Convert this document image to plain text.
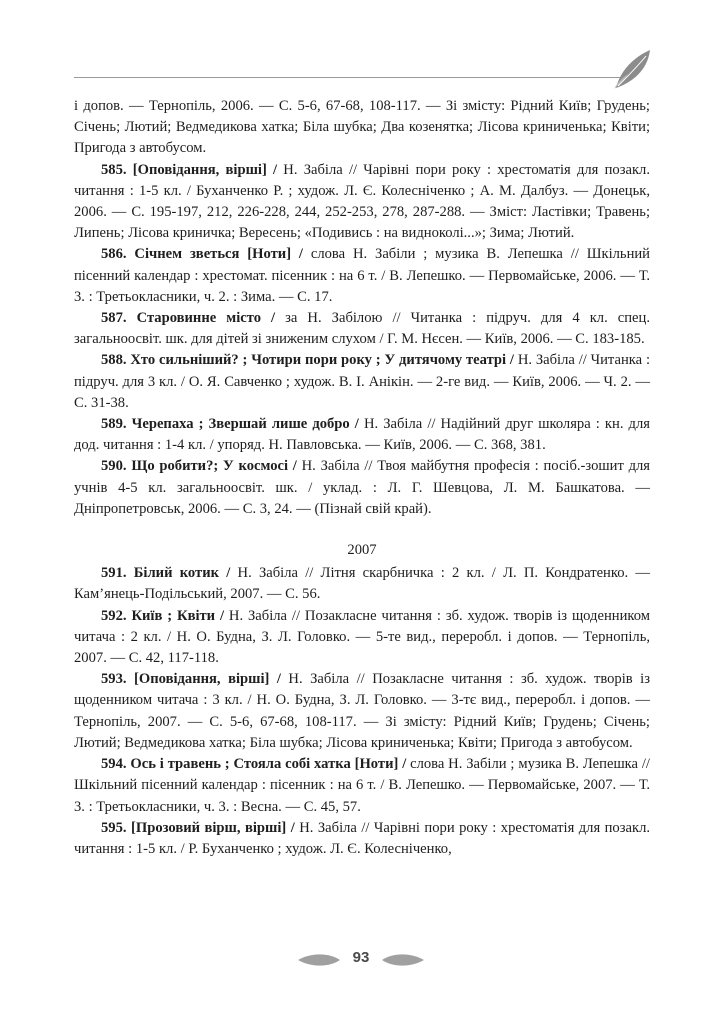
і допов. — Тернопіль, 2006. — С. 5-6, 67-68, 108-117. — Зі змісту: Рідний Київ; Грудень; Січень; Лютий; Ведмедикова хатка; Біла шубка; Два козенятка; Лісова криниченька; Квіти; Пригода з автобусом.

585. [Оповідання, вірші] / Н. Забіла // Чарівні пори року : хрестоматія для позакл. читання : 1-5 кл. / Буханченко Р. ; худож. Л. Є. Колесніченко ; А. М. Далбуз. — Донецьк, 2006. — С. 195-197, 212, 226-228, 244, 252-253, 278, 287-288. — Зміст: Ластівки; Травень; Липень; Лісова криничка; Вересень; «Подивись : на видноколі...»; Зима; Лютий.

586. Січнем зветься [Ноти] / слова Н. Забіли ; музика В. Лепешка // Шкільний пісенний календар : хрестомат. пісенник : на 6 т. / В. Лепешко. — Первомайське, 2006. — Т. 3. : Третьокласники, ч. 2. : Зима. — С. 17.

587. Старовинне місто / за Н. Забілою // Читанка : підруч. для 4 кл. спец. загальноосвіт. шк. для дітей зі зниженим слухом / Г. М. Нєсен. — Київ, 2006. — С. 183-185.

588. Хто сильніший? ; Чотири пори року ; У дитячому театрі / Н. Забіла // Читанка : підруч. для 3 кл. / О. Я. Савченко ; худож. В. І. Анікін. — 2-ге вид. — Київ, 2006. — Ч. 2. — С. 31-38.

589. Черепаха ; Звершай лише добро / Н. Забіла // Надійний друг школяра : кн. для дод. читання : 1-4 кл. / упоряд. Н. Павловська. — Київ, 2006. — С. 368, 381.

590. Що робити?; У космосі / Н. Забіла // Твоя майбутня професія : посіб.-зошит для учнів 4-5 кл. загальноосвіт. шк. / уклад. : Л. Г. Шевцова, Л. М. Башкатова. — Дніпропетровськ, 2006. — С. 3, 24. — (Пізнай свій край).

2007

591. Білий котик / Н. Забіла // Літня скарбничка : 2 кл. / Л. П. Кондратенко. — Кам’янець-Подільський, 2007. — С. 56.

592. Київ ; Квіти / Н. Забіла // Позакласне читання : зб. худож. творів із щоденником читача : 2 кл. / Н. О. Будна, З. Л. Головко. — 5-те вид., переробл. і допов. — Тернопіль, 2007. — С. 42, 117-118.

593. [Оповідання, вірші] / Н. Забіла // Позакласне читання : зб. худож. творів із щоденником читача : 3 кл. / Н. О. Будна, З. Л. Головко. — 3-тє вид., переробл. і допов. — Тернопіль, 2007. — С. 5-6, 67-68, 108-117. — Зі змісту: Рідний Київ; Грудень; Січень; Лютий; Ведмедикова хатка; Біла шубка; Лісова криниченька; Квіти; Пригода з автобусом.

594. Ось і травень ; Стояла собі хатка [Ноти] / слова Н. Забіли ; музика В. Лепешка // Шкільний пісенний календар : пісенник : на 6 т. / В. Лепешко. — Первомайське, 2007. — Т. 3. : Третьокласники, ч. 3. : Весна. — С. 45, 57.

595. [Прозовий вірш, вірші] / Н. Забіла // Чарівні пори року : хрестоматія для позакл. читання : 1-5 кл. / Р. Буханченко ; худож. Л. Є. Колесніченко,

93
